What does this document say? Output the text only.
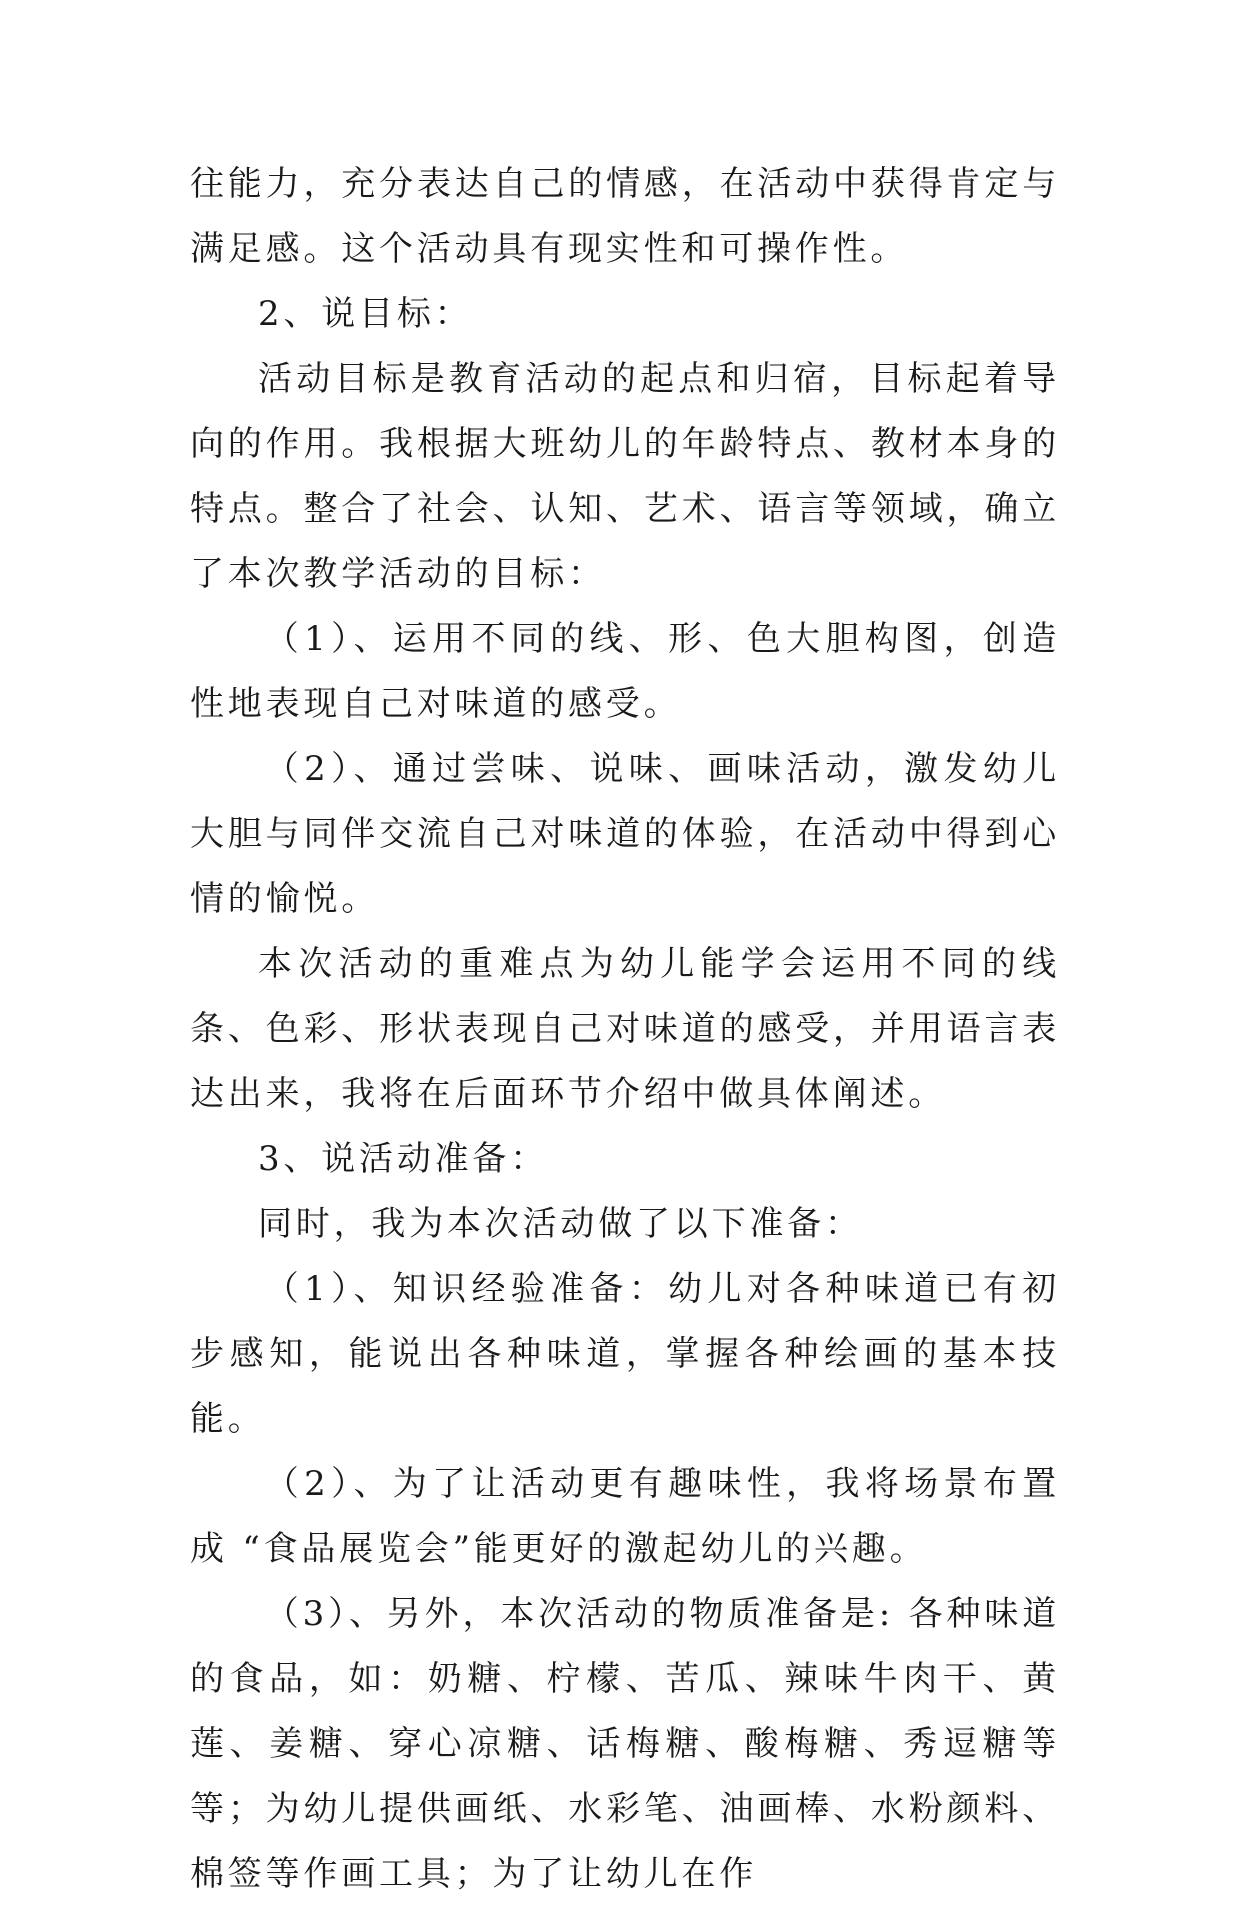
往能力，充分表达自己的情感，在活动中获得肯定与满足感。这个活动具有现实性和可操作性。

2、说目标：

活动目标是教育活动的起点和归宿，目标起着导向的作用。我根据大班幼儿的年龄特点、教材本身的特点。整合了社会、认知、艺术、语言等领域，确立了本次教学活动的目标：

（1）、运用不同的线、形、色大胆构图，创造性地表现自己对味道的感受。

（2）、通过尝味、说味、画味活动，激发幼儿大胆与同伴交流自己对味道的体验，在活动中得到心情的愉悦。

本次活动的重难点为幼儿能学会运用不同的线条、色彩、形状表现自己对味道的感受，并用语言表达出来，我将在后面环节介绍中做具体阐述。

3、说活动准备：

同时，我为本次活动做了以下准备：

（1）、知识经验准备：幼儿对各种味道已有初步感知，能说出各种味道，掌握各种绘画的基本技能。

（2）、为了让活动更有趣味性，我将场景布置成 “食品展览会”能更好的激起幼儿的兴趣。

（3）、另外，本次活动的物质准备是: 各种味道的食品，如：奶糖、柠檬、苦瓜、辣味牛肉干、黄莲、姜糖、穿心凉糖、话梅糖、酸梅糖、秀逗糖等等；为幼儿提供画纸、水彩笔、油画棒、水粉颜料、棉签等作画工具；为了让幼儿在作
